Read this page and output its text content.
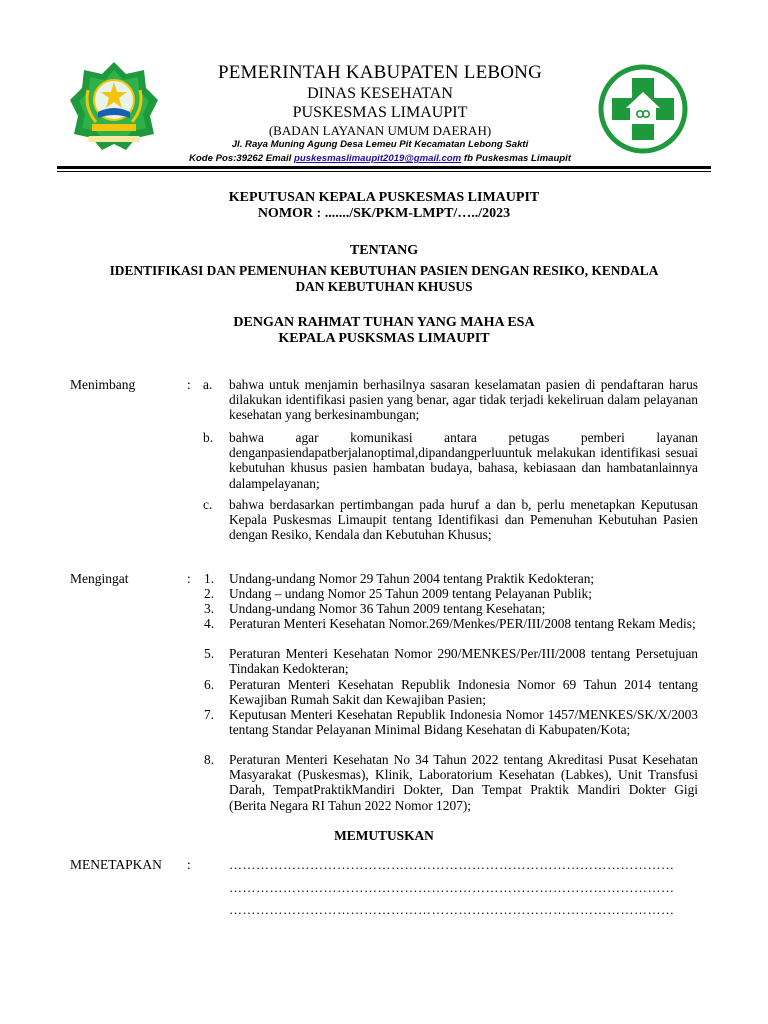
PEMERINTAH KABUPATEN LEBONG
DINAS KESEHATAN
PUSKESMAS LIMAUPIT
(BADAN LAYANAN UMUM DAERAH)
Jl. Raya Muning Agung Desa Lemeu Pit Kecamatan Lebong Sakti
Kode Pos:39262 Email puskesmaslimaupit2019@gmail.com fb Puskesmas Limaupit
KEPUTUSAN KEPALA PUSKESMAS LIMAUPIT
NOMOR : ......./SK/PKM-LMPT/…../2023
TENTANG
IDENTIFIKASI DAN PEMENUHAN KEBUTUHAN PASIEN DENGAN RESIKO, KENDALA
DAN KEBUTUHAN KHUSUS
DENGAN RAHMAT TUHAN YANG MAHA ESA
KEPALA PUSKSMAS LIMAUPIT
Menimbang	: a.	bahwa untuk menjamin berhasilnya sasaran keselamatan pasien di pendaftaran harus dilakukan identifikasi pasien yang benar, agar tidak terjadi kekeliruan dalam pelayanan kesehatan yang berkesinambungan;
b.	bahwa agar komunikasi antara petugas pemberi layanan denganpasiendapatberjalanoptimal,dipandangperluuntuk melakukan identifikasi sesuai kebutuhan khusus pasien hambatan budaya, bahasa, kebiasaan dan hambatanlainnya dalampelayanan;
c.	bahwa berdasarkan pertimbangan pada huruf a dan b, perlu menetapkan Keputusan Kepala Puskesmas Limaupit tentang Identifikasi dan Pemenuhan Kebutuhan Pasien dengan Resiko, Kendala dan Kebutuhan Khusus;
Mengingat	: 1.	Undang-undang Nomor 29 Tahun 2004 tentang Praktik Kedokteran;
2.	Undang – undang Nomor 25 Tahun 2009 tentang Pelayanan Publik;
3.	Undang-undang Nomor 36 Tahun 2009 tentang Kesehatan;
4.	Peraturan Menteri Kesehatan Nomor.269/Menkes/PER/III/2008 tentang Rekam Medis;
5.	Peraturan Menteri Kesehatan Nomor 290/MENKES/Per/III/2008 tentang Persetujuan Tindakan Kedokteran;
6.	Peraturan Menteri Kesehatan Republik Indonesia Nomor 69 Tahun 2014 tentang Kewajiban Rumah Sakit dan Kewajiban Pasien;
7.	Keputusan Menteri Kesehatan Republik Indonesia Nomor 1457/MENKES/SK/X/2003 tentang Standar Pelayanan Minimal Bidang Kesehatan di Kabupaten/Kota;
8.	Peraturan Menteri Kesehatan No 34 Tahun 2022 tentang Akreditasi Pusat Kesehatan Masyarakat (Puskesmas), Klinik, Laboratorium Kesehatan (Labkes), Unit Transfusi Darah, TempatPraktikMandiri Dokter, Dan Tempat Praktik Mandiri Dokter Gigi (Berita Negara RI Tahun 2022 Nomor 1207);
MEMUTUSKAN
MENETAPKAN :	………………………………………………………………………………………
………………………………………………………………………………………
………………………………………………………………………………………
